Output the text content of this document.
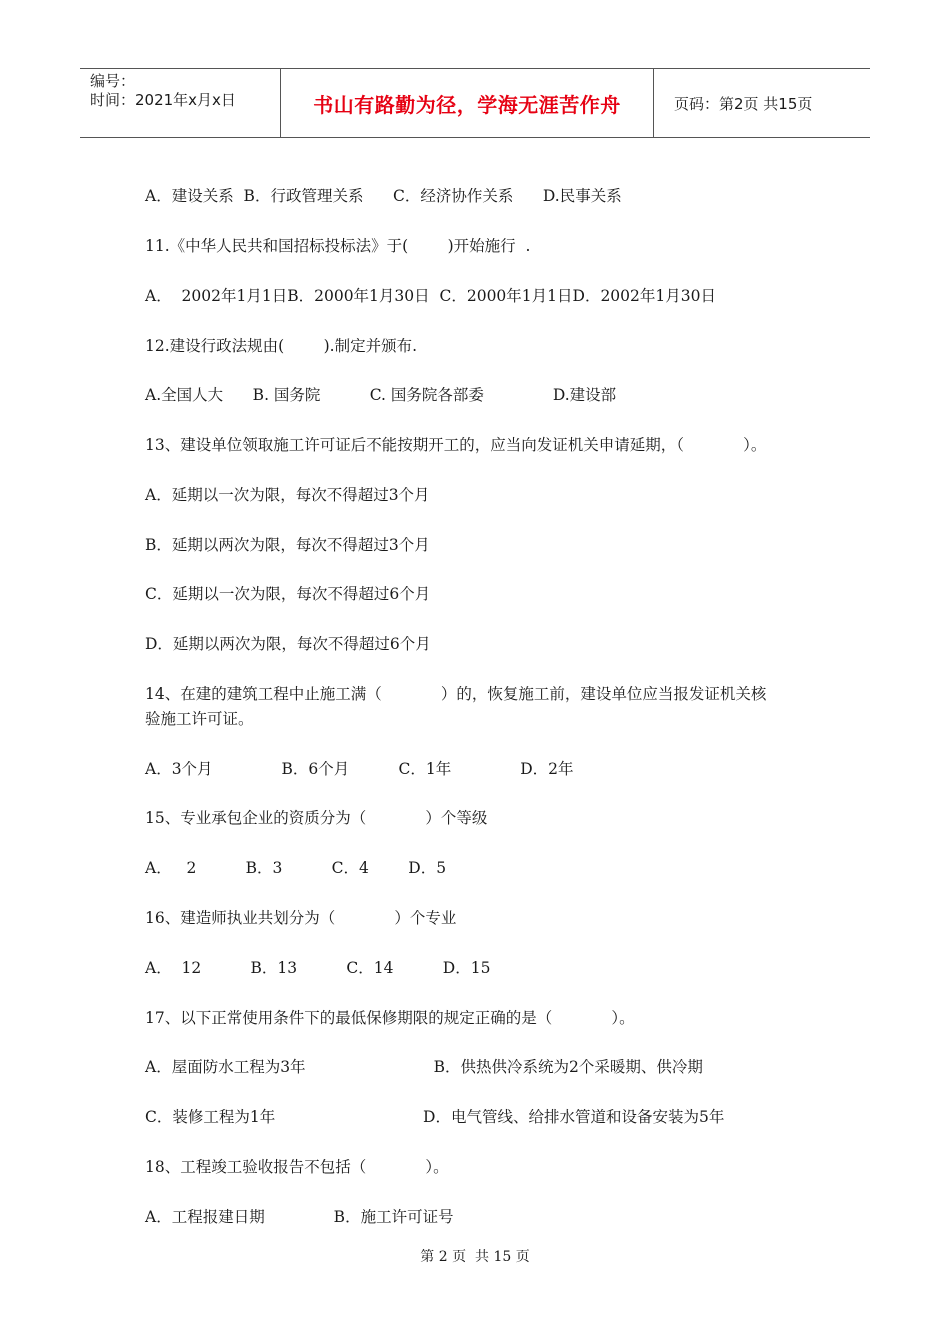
编号：
时间：2021年x月x日	书山有路勤为径，学海无涯苦作舟	页码：第2页 共15页
A．建设关系  B．行政管理关系      C．经济协作关系      D.民事关系
11.《中华人民共和国招标投标法》于(        )开始施行  .
A．  2002年1月1日B．2000年1月30日  C．2000年1月1日D．2002年1月30日
12.建设行政法规由(        ).制定并颁布.
A.全国人大      B. 国务院          C. 国务院各部委              D.建设部
13、建设单位领取施工许可证后不能按期开工的，应当向发证机关申请延期，（            ）。
A．延期以一次为限，每次不得超过3个月
B．延期以两次为限，每次不得超过3个月
C．延期以一次为限，每次不得超过6个月
D．延期以两次为限，每次不得超过6个月
14、在建的建筑工程中止施工满（            ）的，恢复施工前，建设单位应当报发证机关核
验施工许可证。
A．3个月              B．6个月          C．1年              D．2年
15、专业承包企业的资质分为（            ）个等级
A．   2          B．3          C．4        D．5
16、建造师执业共划分为（            ）个专业
A．  12          B．13          C．14          D．15
17、以下正常使用条件下的最低保修期限的规定正确的是（            ）。
A．屋面防水工程为3年                          B．供热供冷系统为2个采暖期、供冷期
C．装修工程为1年                              D．电气管线、给排水管道和设备安装为5年
18、工程竣工验收报告不包括（            ）。
A．工程报建日期              B．施工许可证号
第 2 页  共 15 页
